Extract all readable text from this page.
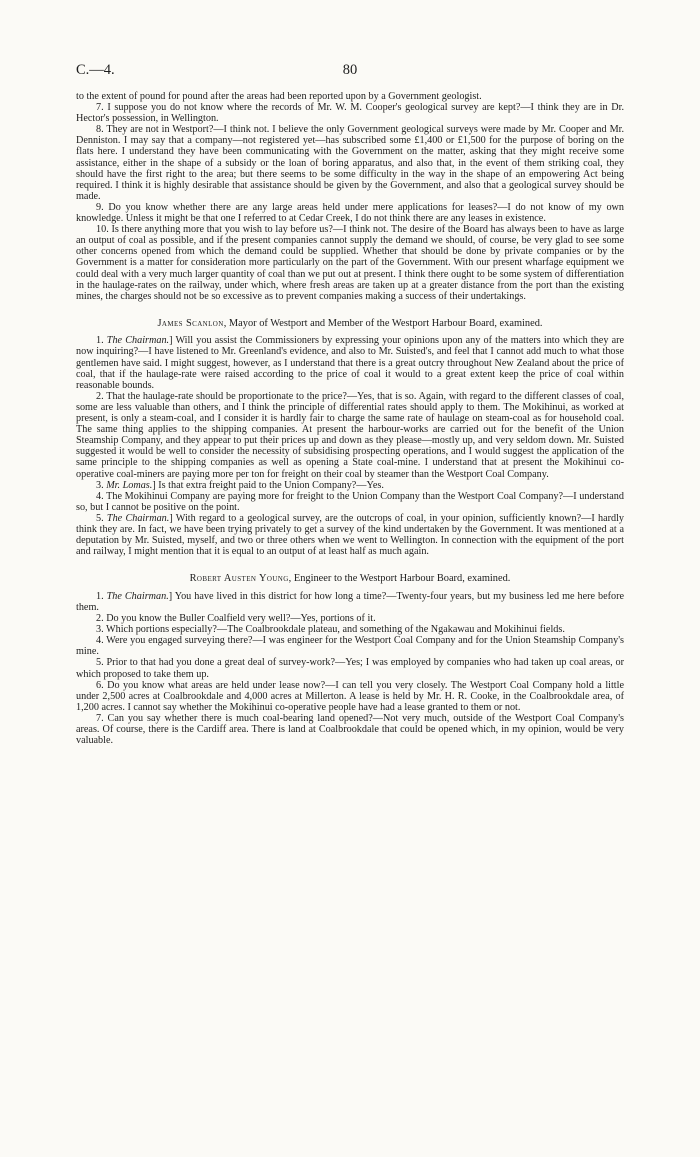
C.—4.	80

to the extent of pound for pound after the areas had been reported upon by a Government geologist.

7. I suppose you do not know where the records of Mr. W. M. Cooper's geological survey are kept?—I think they are in Dr. Hector's possession, in Wellington.

8. They are not in Westport?—I think not. I believe the only Government geological surveys were made by Mr. Cooper and Mr. Denniston. I may say that a company—not registered yet—has subscribed some £1,400 or £1,500 for the purpose of boring on the flats here. I understand they have been communicating with the Government on the matter, asking that they might receive some assistance, either in the shape of a subsidy or the loan of boring apparatus, and also that, in the event of them striking coal, they should have the first right to the area; but there seems to be some difficulty in the way in the shape of an empowering Act being required. I think it is highly desirable that assistance should be given by the Government, and also that a geological survey should be made.

9. Do you know whether there are any large areas held under mere applications for leases?—I do not know of my own knowledge. Unless it might be that one I referred to at Cedar Creek, I do not think there are any leases in existence.

10. Is there anything more that you wish to lay before us?—I think not. The desire of the Board has always been to have as large an output of coal as possible, and if the present companies cannot supply the demand we should, of course, be very glad to see some other concerns opened from which the demand could be supplied. Whether that should be done by private companies or by the Government is a matter for consideration more particularly on the part of the Government. With our present wharfage equipment we could deal with a very much larger quantity of coal than we put out at present. I think there ought to be some system of differentiation in the haulage-rates on the railway, under which, where fresh areas are taken up at a greater distance from the port than the existing mines, the charges should not be so excessive as to prevent companies making a success of their undertakings.

James Scanlon, Mayor of Westport and Member of the Westport Harbour Board, examined.

1. The Chairman.] Will you assist the Commissioners by expressing your opinions upon any of the matters into which they are now inquiring?—I have listened to Mr. Greenland's evidence, and also to Mr. Suisted's, and feel that I cannot add much to what those gentlemen have said. I might suggest, however, as I understand that there is a great outcry throughout New Zealand about the price of coal, that if the haulage-rate were raised according to the price of coal it would to a great extent keep the price of coal within reasonable bounds.

2. That the haulage-rate should be proportionate to the price?—Yes, that is so. Again, with regard to the different classes of coal, some are less valuable than others, and I think the principle of differential rates should apply to them. The Mokihinui, as worked at present, is only a steam-coal, and I consider it is hardly fair to charge the same rate of haulage on steam-coal as for household coal. The same thing applies to the shipping companies. At present the harbour-works are carried out for the benefit of the Union Steamship Company, and they appear to put their prices up and down as they please—mostly up, and very seldom down. Mr. Suisted suggested it would be well to consider the necessity of subsidising prospecting operations, and I would suggest the application of the same principle to the shipping companies as well as opening a State coal-mine. I understand that at present the Mokihinui co-operative coal-miners are paying more per ton for freight on their coal by steamer than the Westport Coal Company.

3. Mr. Lomas.] Is that extra freight paid to the Union Company?—Yes.

4. The Mokihinui Company are paying more for freight to the Union Company than the Westport Coal Company?—I understand so, but I cannot be positive on the point.

5. The Chairman.] With regard to a geological survey, are the outcrops of coal, in your opinion, sufficiently known?—I hardly think they are. In fact, we have been trying privately to get a survey of the kind undertaken by the Government. It was mentioned at a deputation by Mr. Suisted, myself, and two or three others when we went to Wellington. In connection with the equipment of the port and railway, I might mention that it is equal to an output of at least half as much again.

Robert Austen Young, Engineer to the Westport Harbour Board, examined.

1. The Chairman.] You have lived in this district for how long a time?—Twenty-four years, but my business led me here before them.

2. Do you know the Buller Coalfield very well?—Yes, portions of it.

3. Which portions especially?—The Coalbrookdale plateau, and something of the Ngakawau and Mokihinui fields.

4. Were you engaged surveying there?—I was engineer for the Westport Coal Company and for the Union Steamship Company's mine.

5. Prior to that had you done a great deal of survey-work?—Yes; I was employed by companies who had taken up coal areas, or which proposed to take them up.

6. Do you know what areas are held under lease now?—I can tell you very closely. The Westport Coal Company hold a little under 2,500 acres at Coalbrookdale and 4,000 acres at Millerton. A lease is held by Mr. H. R. Cooke, in the Coalbrookdale area, of 1,200 acres. I cannot say whether the Mokihinui co-operative people have had a lease granted to them or not.

7. Can you say whether there is much coal-bearing land opened?—Not very much, outside of the Westport Coal Company's areas. Of course, there is the Cardiff area. There is land at Coalbrookdale that could be opened which, in my opinion, would be very valuable.
